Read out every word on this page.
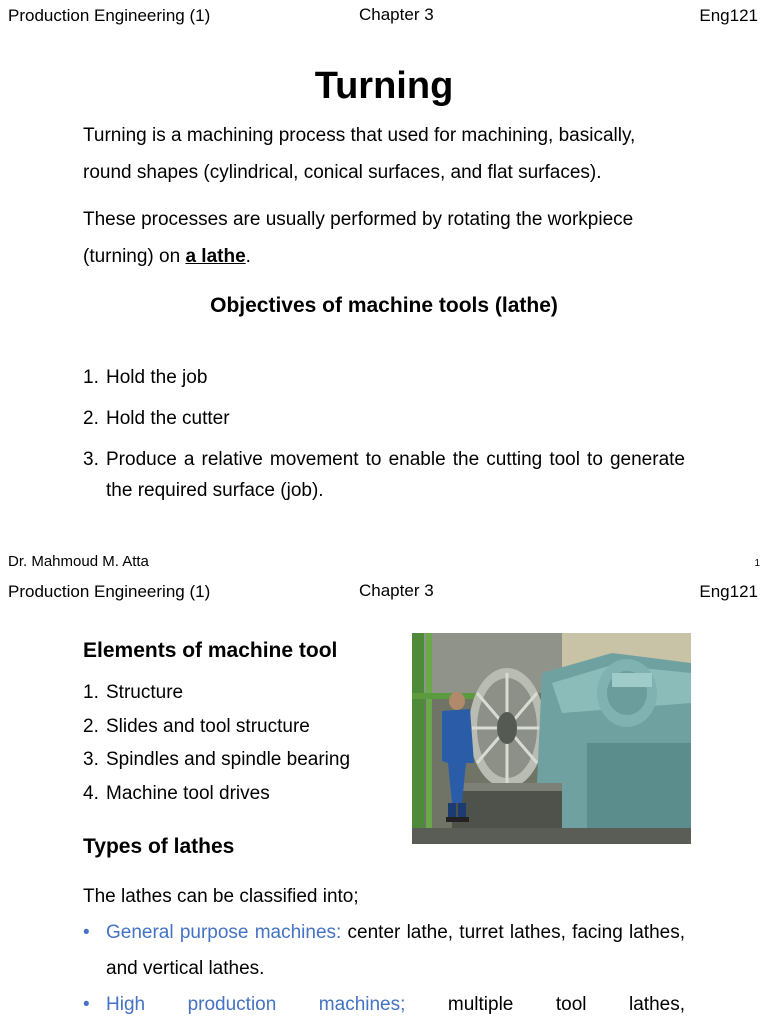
Production Engineering (1)	Chapter 3	Eng121
Turning
Turning is a machining process that used for machining, basically, round shapes (cylindrical, conical surfaces, and flat surfaces).
These processes are usually performed by rotating the workpiece (turning) on a lathe.
Objectives of machine tools (lathe)
1. Hold the job
2. Hold the cutter
3. Produce a relative movement to enable the cutting tool to generate the required surface (job).
Dr. Mahmoud M. Atta	1
Production Engineering (1)	Chapter 3	Eng121
Elements of machine tool
1. Structure
2. Slides and tool structure
3. Spindles and spindle bearing
4. Machine tool drives
Types of lathes
The lathes can be classified into;
• General purpose machines: center lathe, turret lathes, facing lathes, and vertical lathes.
• High production machines; multiple tool lathes,
